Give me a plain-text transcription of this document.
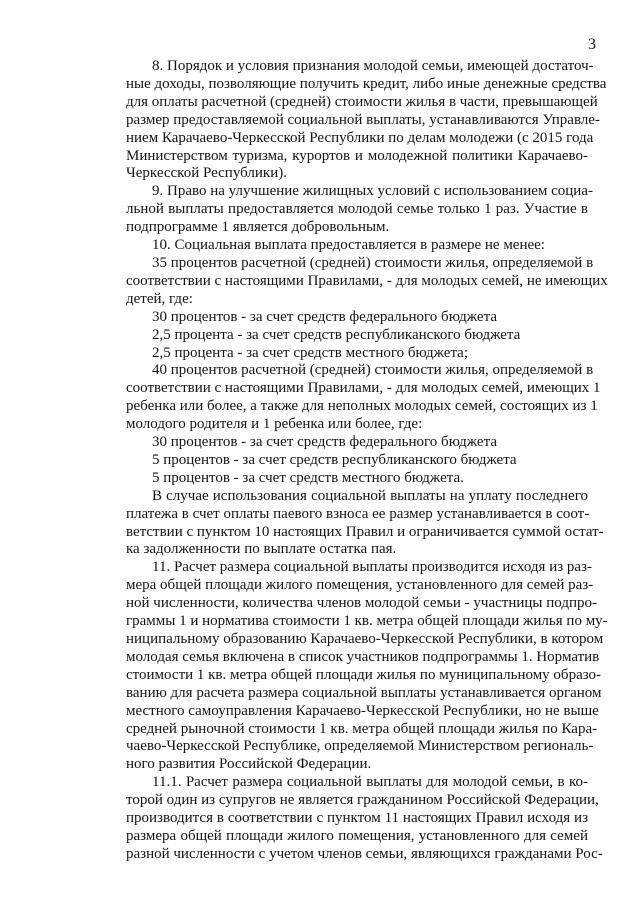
3
8. Порядок и условия признания молодой семьи, имеющей достаточ-
ные доходы, позволяющие получить кредит, либо иные денежные средства
для оплаты расчетной (средней) стоимости жилья в части, превышающей
размер предоставляемой социальной выплаты, устанавливаются Управле-
нием Карачаево-Черкесской Республики по делам молодежи (с 2015 года
Министерством туризма, курортов и молодежной политики Карачаево-
Черкесской Республики).
9. Право на улучшение жилищных условий с использованием социа-
льной выплаты предоставляется молодой семье только 1 раз. Участие в
подпрограмме 1 является добровольным.
10. Социальная выплата предоставляется в размере не менее:
35 процентов расчетной (средней) стоимости жилья, определяемой в
соответствии с настоящими Правилами, - для молодых семей, не имеющих
детей, где:
30 процентов - за счет средств федерального бюджета
2,5 процента - за счет средств республиканского бюджета
2,5 процента - за счет средств местного бюджета;
40 процентов расчетной (средней) стоимости жилья, определяемой в
соответствии с настоящими Правилами, - для молодых семей, имеющих 1
ребенка или более, а также для неполных молодых семей, состоящих из 1
молодого родителя и 1 ребенка или более, где:
30 процентов - за счет средств федерального бюджета
5 процентов - за счет средств республиканского бюджета
5 процентов - за счет средств местного бюджета.
В случае использования социальной выплаты на уплату последнего
платежа в счет оплаты паевого взноса ее размер устанавливается в соот-
ветствии с пунктом 10 настоящих Правил и ограничивается суммой остат-
ка задолженности по выплате остатка пая.
11. Расчет размера социальной выплаты производится исходя из раз-
мера общей площади жилого помещения, установленного для семей раз-
ной численности, количества членов молодой семьи - участницы подпро-
граммы 1 и норматива стоимости 1 кв. метра общей площади жилья по му-
ниципальному образованию Карачаево-Черкесской Республики, в котором
молодая семья включена в список участников подпрограммы 1. Норматив
стоимости 1 кв. метра общей площади жилья по муниципальному образо-
ванию для расчета размера социальной выплаты устанавливается органом
местного самоуправления Карачаево-Черкесской Республики, но не выше
средней рыночной стоимости 1 кв. метра общей площади жилья по Кара-
чаево-Черкесской Республике, определяемой Министерством региональ-
ного развития Российской Федерации.
11.1. Расчет размера социальной выплаты для молодой семьи, в ко-
торой один из супругов не является гражданином Российской Федерации,
производится в соответствии с пунктом 11 настоящих Правил исходя из
размера общей площади жилого помещения, установленного для семей
разной численности с учетом членов семьи, являющихся гражданами Рос-
